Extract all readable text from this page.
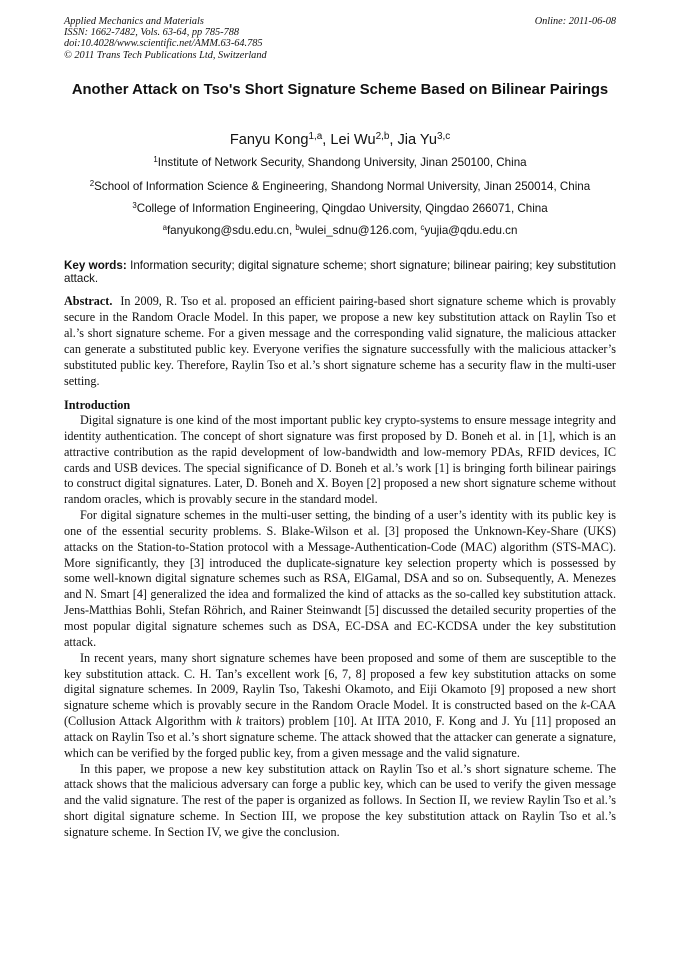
Applied Mechanics and Materials
ISSN: 1662-7482, Vols. 63-64, pp 785-788
doi:10.4028/www.scientific.net/AMM.63-64.785
© 2011 Trans Tech Publications Ltd, Switzerland
Online: 2011-06-08
Another Attack on Tso's Short Signature Scheme Based on Bilinear Pairings
Fanyu Kong$^{1,a}$, Lei Wu$^{2,b}$, Jia Yu$^{3,c}$
$^1$Institute of Network Security, Shandong University, Jinan 250100, China
$^2$School of Information Science & Engineering, Shandong Normal University, Jinan 250014, China
$^3$College of Information Engineering, Qingdao University, Qingdao 266071, China
$^a$fanyukong@sdu.edu.cn, $^b$wulei_sdnu@126.com, $^c$yujia@qdu.edu.cn
Key words: Information security; digital signature scheme; short signature; bilinear pairing; key substitution attack.
Abstract. In 2009, R. Tso et al. proposed an efficient pairing-based short signature scheme which is provably secure in the Random Oracle Model. In this paper, we propose a new key substitution attack on Raylin Tso et al.’s short signature scheme. For a given message and the corresponding valid signature, the malicious attacker can generate a substituted public key. Everyone verifies the signature successfully with the malicious attacker’s substituted public key. Therefore, Raylin Tso et al.’s short signature scheme has a security flaw in the multi-user setting.
Introduction

Digital signature is one kind of the most important public key crypto-systems to ensure message integrity and identity authentication. The concept of short signature was first proposed by D. Boneh et al. in [1], which is an attractive contribution as the rapid development of low-bandwidth and low-memory PDAs, RFID devices, IC cards and USB devices. The special significance of D. Boneh et al.’s work [1] is bringing forth bilinear pairings to construct digital signatures. Later, D. Boneh and X. Boyen [2] proposed a new short signature scheme without random oracles, which is provably secure in the standard model.

For digital signature schemes in the multi-user setting, the binding of a user’s identity with its public key is one of the essential security problems. S. Blake-Wilson et al. [3] proposed the Unknown-Key-Share (UKS) attacks on the Station-to-Station protocol with a Message-Authentication-Code (MAC) algorithm (STS-MAC). More significantly, they [3] introduced the duplicate-signature key selection property which is possessed by some well-known digital signature schemes such as RSA, ElGamal, DSA and so on. Subsequently, A. Menezes and N. Smart [4] generalized the idea and formalized the kind of attacks as the so-called key substitution attack. Jens-Matthias Bohli, Stefan Röhrich, and Rainer Steinwandt [5] discussed the detailed security properties of the most popular digital signature schemes such as DSA, EC-DSA and EC-KCDSA under the key substitution attack.

In recent years, many short signature schemes have been proposed and some of them are susceptible to the key substitution attack. C. H. Tan’s excellent work [6, 7, 8] proposed a few key substitution attacks on some digital signature schemes. In 2009, Raylin Tso, Takeshi Okamoto, and Eiji Okamoto [9] proposed a new short signature scheme which is provably secure in the Random Oracle Model. It is constructed based on the k-CAA (Collusion Attack Algorithm with k traitors) problem [10]. At IITA 2010, F. Kong and J. Yu [11] proposed an attack on Raylin Tso et al.’s short signature scheme. The attack showed that the attacker can generate a signature, which can be verified by the forged public key, from a given message and the valid signature.

In this paper, we propose a new key substitution attack on Raylin Tso et al.’s short signature scheme. The attack shows that the malicious adversary can forge a public key, which can be used to verify the given message and the valid signature. The rest of the paper is organized as follows. In Section II, we review Raylin Tso et al.’s short digital signature scheme. In Section III, we propose the key substitution attack on Raylin Tso et al.’s signature scheme. In Section IV, we give the conclusion.
